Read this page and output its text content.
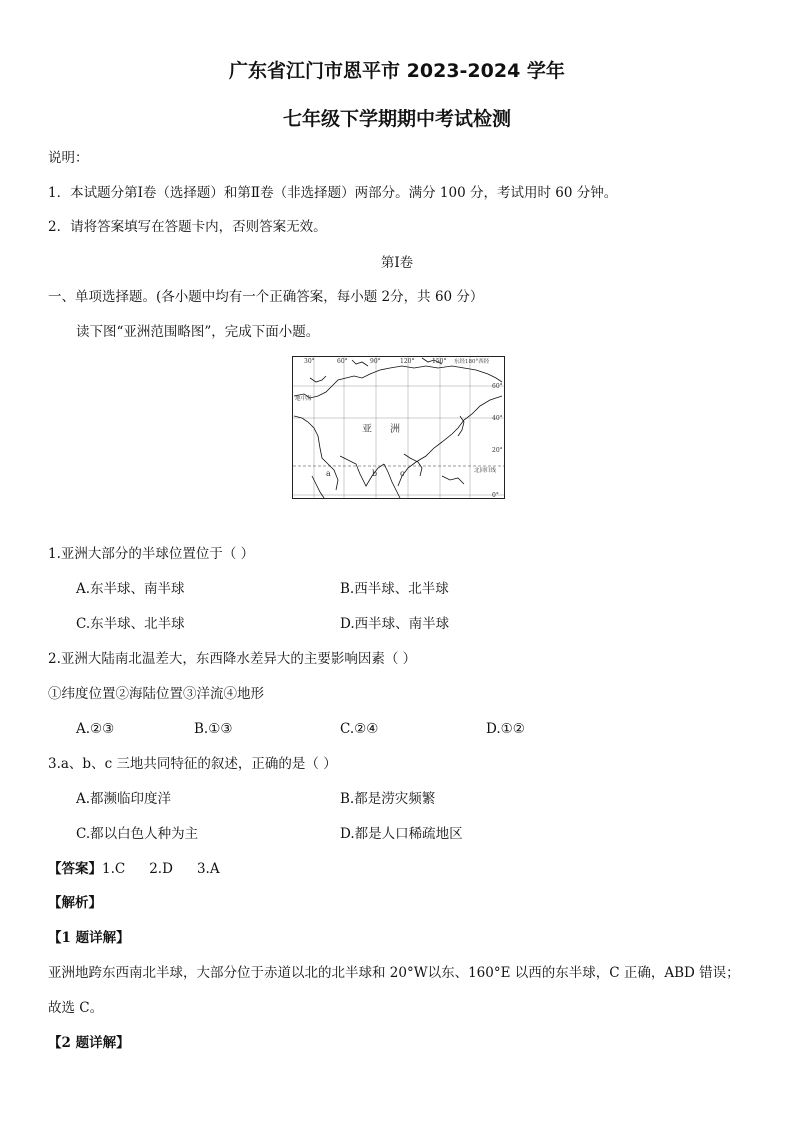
广东省江门市恩平市 2023-2024 学年
七年级下学期期中考试检测
说明：
1．本试题分第Ⅰ卷（选择题）和第Ⅱ卷（非选择题）两部分。满分 100 分，考试用时 60 分钟。
2．请将答案填写在答题卡内，否则答案无效。
第Ⅰ卷
一、单项选择题。(各小题中均有一个正确答案，每小题 2分，共 60 分）
读下图“亚洲范围略图”，完成下面小题。
30°	60°	90°	120°	150° 东经180°西经
60°
40°
20°
0°
亚 洲
a	b	c	北回归线
地中海
1.亚洲大部分的半球位置位于（ ）
A.东半球、南半球	B.西半球、北半球
C.东半球、北半球	D.西半球、南半球
2.亚洲大陆南北温差大，东西降水差异大的主要影响因素（ ）
①纬度位置②海陆位置③洋流④地形
A.②③	B.①③	C.②④	D.①②
3.a、b、c 三地共同特征的叙述，正确的是（ ）
A.都濒临印度洋	B.都是涝灾频繁
C.都以白色人种为主	D.都是人口稀疏地区
【答案】1.C 2.D 3.A
【解析】
【1 题详解】
亚洲地跨东西南北半球，大部分位于赤道以北的北半球和 20°W以东、160°E 以西的东半球，C 正确，ABD 错误；
故选 C。
【2 题详解】
